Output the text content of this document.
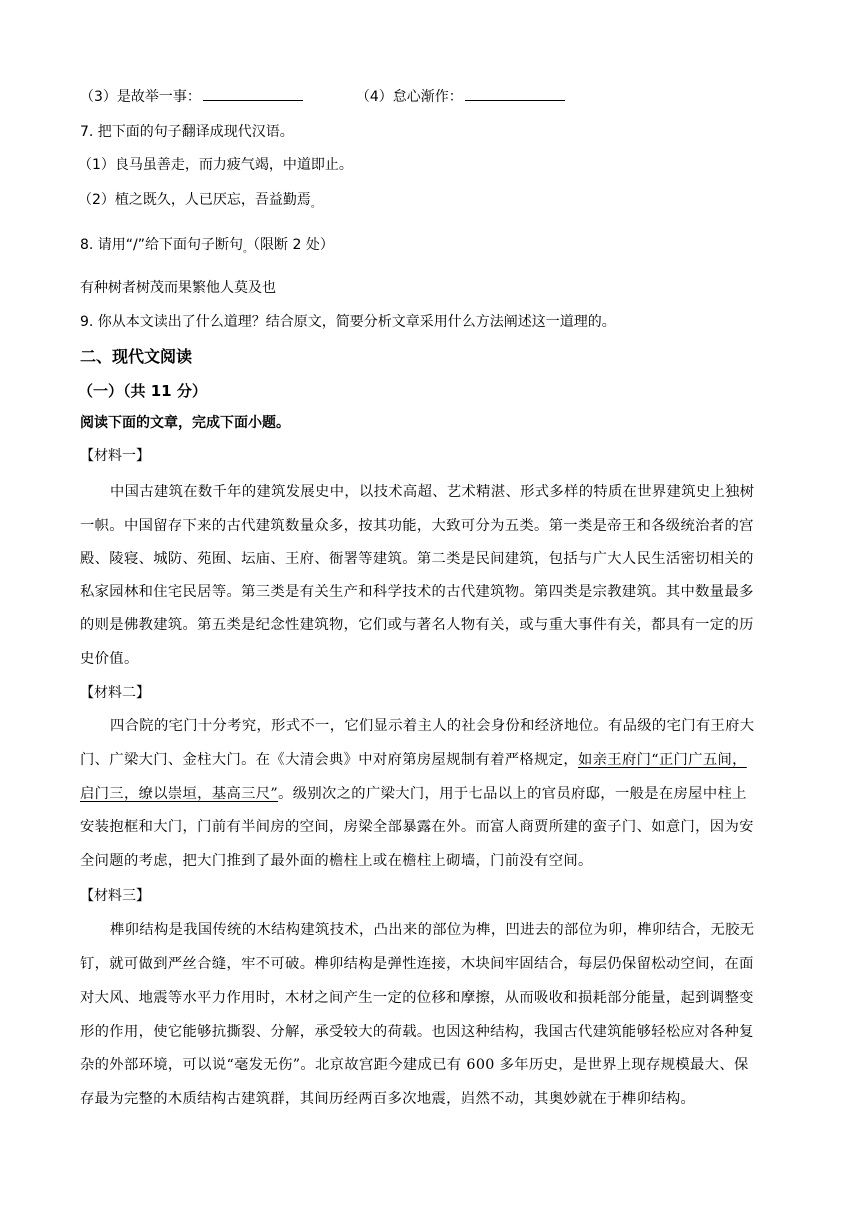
（3）是故举一事：	（4）怠心渐作：
7. 把下面的句子翻译成现代汉语。
（1）良马虽善走，而力疲气竭，中道即止。
（2）植之既久，人已厌忘，吾益勤焉$_。$
8. 请用“/”给下面句子断句$_。$（限断 2 处）
有种树者树茂而果繁他人莫及也
9. 你从本文读出了什么道理？结合原文，简要分析文章采用什么方法阐述这一道理的。
二、现代文阅读
（一）（共 11 分）
阅读下面的文章，完成下面小题。
【材料一】
中国古建筑在数千年的建筑发展史中，以技术高超、艺术精湛、形式多样的特质在世界建筑史上独树
一帜。中国留存下来的古代建筑数量众多，按其功能，大致可分为五类。第一类是帝王和各级统治者的宫
殿、陵寝、城防、苑囿、坛庙、王府、衙署等建筑。第二类是民间建筑，包括与广大人民生活密切相关的
私家园林和住宅民居等。第三类是有关生产和科学技术的古代建筑物。第四类是宗教建筑。其中数量最多
的则是佛教建筑。第五类是纪念性建筑物，它们或与著名人物有关，或与重大事件有关，都具有一定的历
史价值。
【材料二】
四合院的宅门十分考究，形式不一，它们显示着主人的社会身份和经济地位。有品级的宅门有王府大
门、广梁大门、金柱大门。在《大清会典》中对府第房屋规制有着严格规定，如亲王府门“正门广五间，
启门三，缭以崇垣，基高三尺”。级别次之的广梁大门，用于七品以上的官员府邸，一般是在房屋中柱上
安装抱框和大门，门前有半间房的空间，房梁全部暴露在外。而富人商贾所建的蛮子门、如意门，因为安
全问题的考虑，把大门推到了最外面的檐柱上或在檐柱上砌墙，门前没有空间。
【材料三】
榫卯结构是我国传统的木结构建筑技术，凸出来的部位为榫，凹进去的部位为卯，榫卯结合，无胶无
钉，就可做到严丝合缝，牢不可破。榫卯结构是弹性连接，木块间牢固结合，每层仍保留松动空间，在面
对大风、地震等水平力作用时，木材之间产生一定的位移和摩擦，从而吸收和损耗部分能量，起到调整变
形的作用，使它能够抗撕裂、分解，承受较大的荷载。也因这种结构，我国古代建筑能够轻松应对各种复
杂的外部环境，可以说“毫发无伤”。北京故宫距今建成已有 600 多年历史，是世界上现存规模最大、保
存最为完整的木质结构古建筑群，其间历经两百多次地震，岿然不动，其奥妙就在于榫卯结构。
